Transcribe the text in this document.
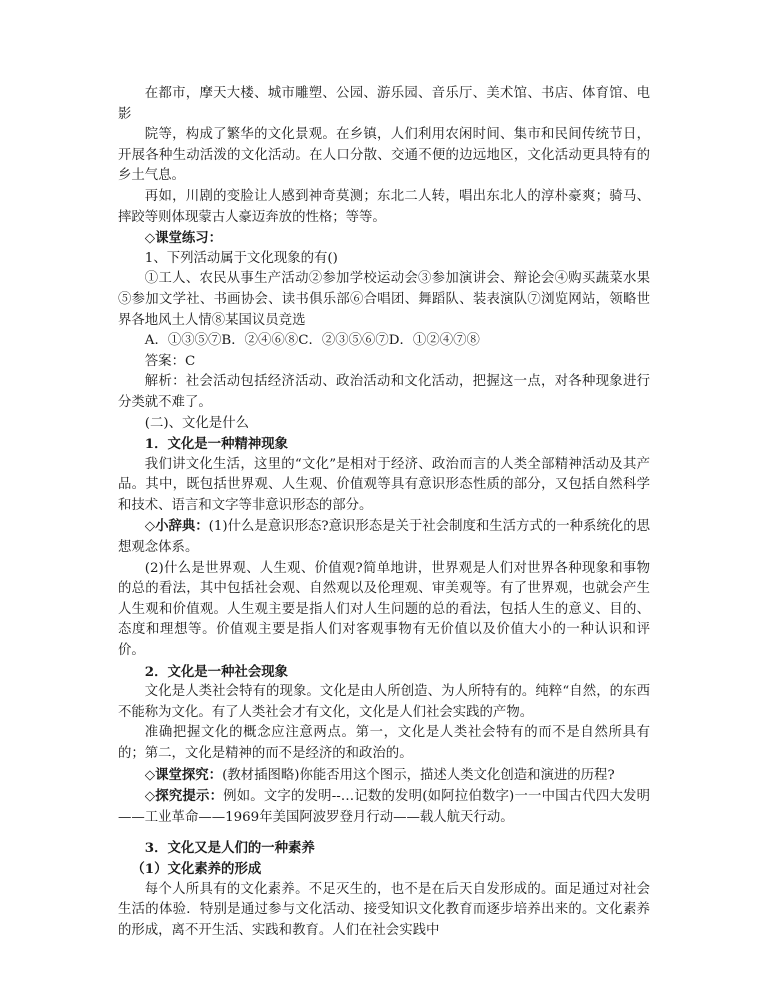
在都市，摩天大楼、城市雕塑、公园、游乐园、音乐厅、美术馆、书店、体育馆、电影

院等，构成了繁华的文化景观。在乡镇，人们利用农闲时间、集市和民间传统节日，开展各种生动活泼的文化活动。在人口分散、交通不便的边远地区，文化活动更具特有的乡土气息。

再如，川剧的变脸让人感到神奇莫测；东北二人转，唱出东北人的淳朴豪爽；骑马、摔跤等则体现蒙古人豪迈奔放的性格；等等。

◇课堂练习：

1、下列活动属于文化现象的有()

①工人、农民从事生产活动②参加学校运动会③参加演讲会、辩论会④购买蔬菜水果⑤参加文学社、书画协会、读书俱乐部⑥合唱团、舞蹈队、装表演队⑦浏览网站，领略世界各地风土人情⑧某国议员竞选

A．①③⑤⑦B．②④⑥⑧C．②③⑤⑥⑦D．①②④⑦⑧

答案：C

解析：社会活动包括经济活动、政治活动和文化活动，把握这一点，对各种现象进行分类就不难了。

(二)、文化是什么

1．文化是一种精神现象

我们讲文化生活，这里的“文化”是相对于经济、政治而言的人类全部精神活动及其产品。其中，既包括世界观、人生观、价值观等具有意识形态性质的部分，又包括自然科学和技术、语言和文字等非意识形态的部分。

◇小辞典：(1)什么是意识形态?意识形态是关于社会制度和生活方式的一种系统化的思想观念体系。

(2)什么是世界观、人生观、价值观?简单地讲，世界观是人们对世界各种现象和事物的总的看法，其中包括社会观、自然观以及伦理观、审美观等。有了世界观，也就会产生人生观和价值观。人生观主要是指人们对人生问题的总的看法，包括人生的意义、目的、态度和理想等。价值观主要是指人们对客观事物有无价值以及价值大小的一种认识和评价。

2．文化是一种社会现象

文化是人类社会特有的现象。文化是由人所创造、为人所特有的。纯粹“自然，的东西不能称为文化。有了人类社会才有文化，文化是人们社会实践的产物。

准确把握文化的概念应注意两点。第一，文化是人类社会特有的而不是自然所具有的；第二，文化是精神的而不是经济的和政治的。

◇课堂探究：(教材插图略)你能否用这个图示，描述人类文化创造和演进的历程?

◇探究提示：例如。文字的发明--…记数的发明(如阿拉伯数字)一一中国古代四大发明——工业革命——1969年美国阿波罗登月行动——载人航天行动。

3．文化又是人们的一种素养

（1）文化素养的形成

每个人所具有的文化素养。不足灭生的，也不是在后天自发形成的。面足通过对社会生活的体验．特别是通过参与文化活动、接受知识文化教育而逐步培养出来的。文化素养的形成，离不开生活、实践和教育。人们在社会实践中
